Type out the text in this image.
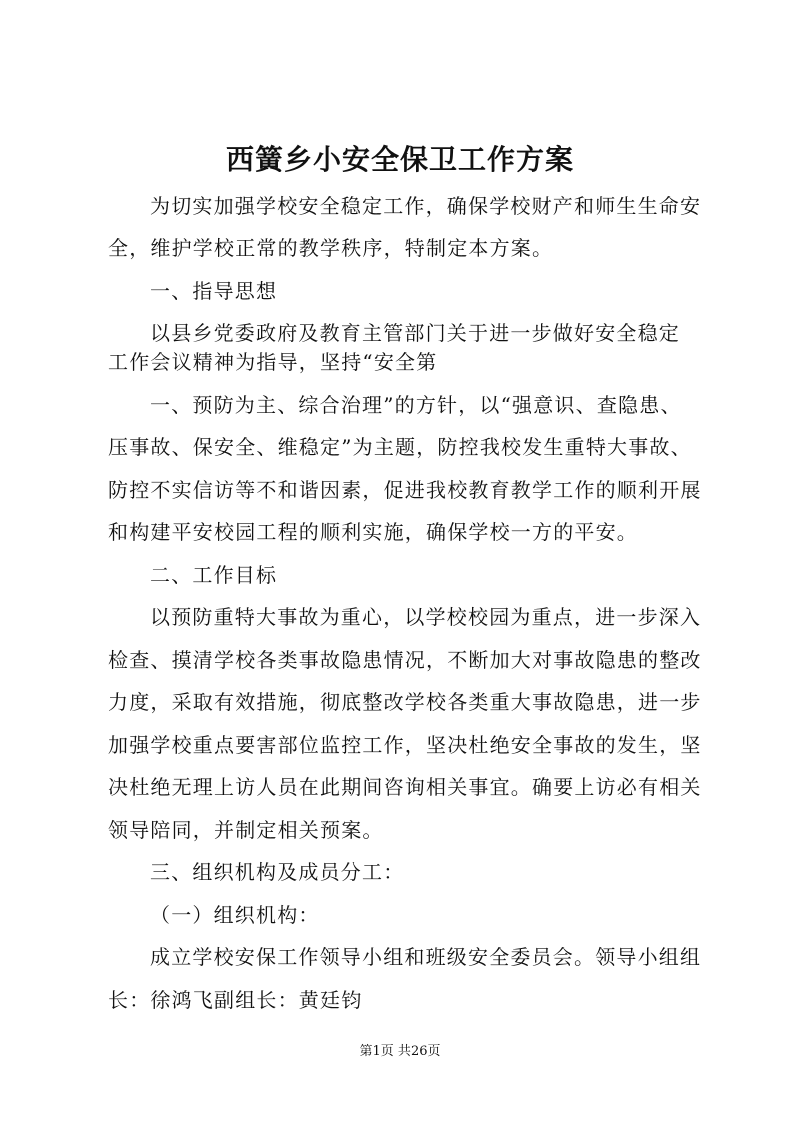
西簧乡小安全保卫工作方案
为切实加强学校安全稳定工作，确保学校财产和师生生命安
全，维护学校正常的教学秩序，特制定本方案。
一、指导思想
以县乡党委政府及教育主管部门关于进一步做好安全稳定
工作会议精神为指导，坚持“安全第
一、预防为主、综合治理”的方针，以“强意识、查隐患、
压事故、保安全、维稳定”为主题，防控我校发生重特大事故、
防控不实信访等不和谐因素，促进我校教育教学工作的顺利开展
和构建平安校园工程的顺利实施，确保学校一方的平安。
二、工作目标
以预防重特大事故为重心，以学校校园为重点，进一步深入
检查、摸清学校各类事故隐患情况，不断加大对事故隐患的整改
力度，采取有效措施，彻底整改学校各类重大事故隐患，进一步
加强学校重点要害部位监控工作，坚决杜绝安全事故的发生，坚
决杜绝无理上访人员在此期间咨询相关事宜。确要上访必有相关
领导陪同，并制定相关预案。
三、组织机构及成员分工：
（一）组织机构：
成立学校安保工作领导小组和班级安全委员会。领导小组组
长：徐鸿飞副组长：黄廷钧
第1页 共26页
